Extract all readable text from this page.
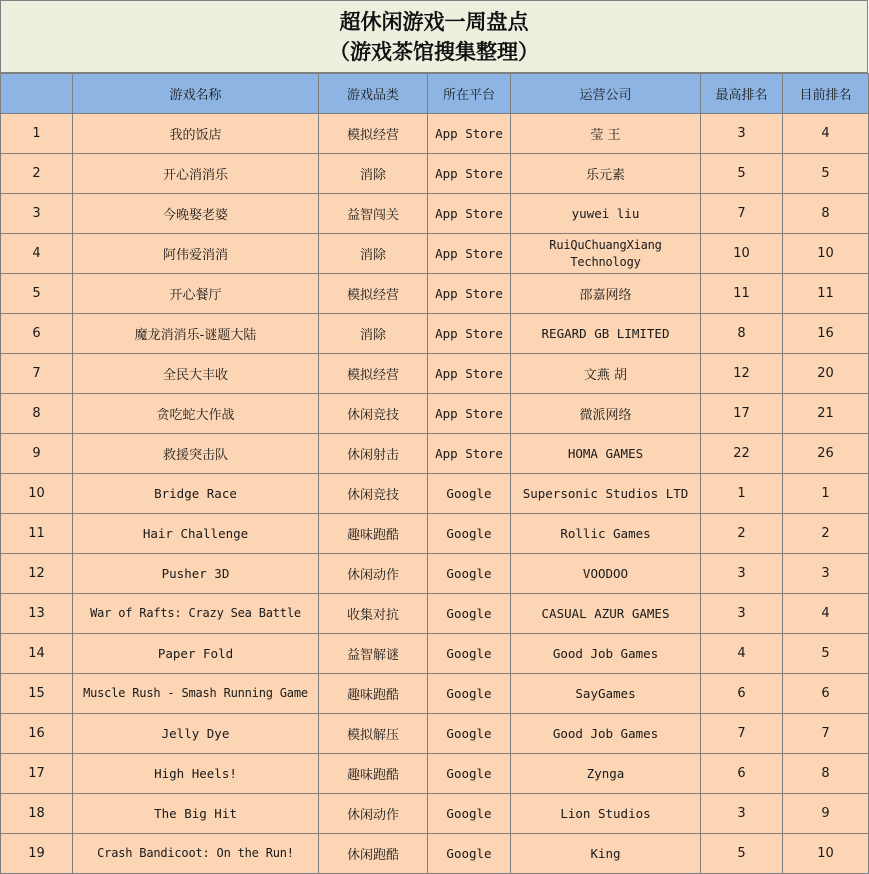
超休闲游戏一周盘点
（游戏茶馆搜集整理）
	游戏名称	游戏品类	所在平台	运营公司	最高排名	目前排名
1	我的饭店	模拟经营	App Store	莹 王	3	4
2	开心消消乐	消除	App Store	乐元素	5	5
3	今晚娶老婆	益智闯关	App Store	yuwei liu	7	8
4	阿伟爱消消	消除	App Store	RuiQuChuangXiang Technology	10	10
5	开心餐厅	模拟经营	App Store	邵嘉网络	11	11
6	魔龙消消乐-谜题大陆	消除	App Store	REGARD GB LIMITED	8	16
7	全民大丰收	模拟经营	App Store	文燕 胡	12	20
8	贪吃蛇大作战	休闲竞技	App Store	微派网络	17	21
9	救援突击队	休闲射击	App Store	HOMA GAMES	22	26
10	Bridge Race	休闲竞技	Google	Supersonic Studios LTD	1	1
11	Hair Challenge	趣味跑酷	Google	Rollic Games	2	2
12	Pusher 3D	休闲动作	Google	VOODOO	3	3
13	War of Rafts: Crazy Sea Battle	收集对抗	Google	CASUAL AZUR GAMES	3	4
14	Paper Fold	益智解谜	Google	Good Job Games	4	5
15	Muscle Rush - Smash Running Game	趣味跑酷	Google	SayGames	6	6
16	Jelly Dye	模拟解压	Google	Good Job Games	7	7
17	High Heels!	趣味跑酷	Google	Zynga	6	8
18	The Big Hit	休闲动作	Google	Lion Studios	3	9
19	Crash Bandicoot: On the Run!	休闲跑酷	Google	King	5	10
